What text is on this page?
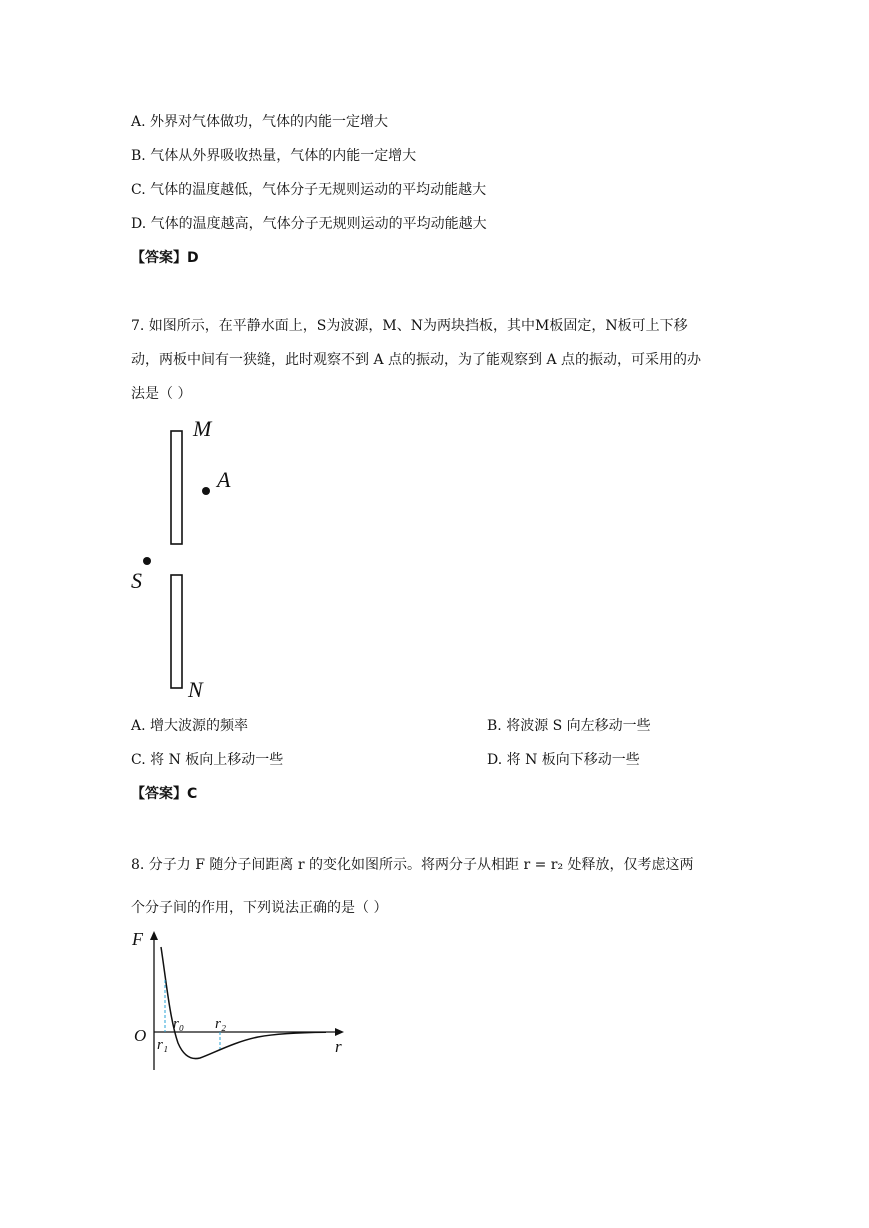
A. 外界对气体做功，气体的内能一定增大
B. 气体从外界吸收热量，气体的内能一定增大
C. 气体的温度越低，气体分子无规则运动的平均动能越大
D. 气体的温度越高，气体分子无规则运动的平均动能越大
【答案】D
7. 如图所示，在平静水面上，S为波源，M、N为两块挡板，其中M板固定，N板可上下移
动，两板中间有一狭缝，此时观察不到 A 点的振动，为了能观察到 A 点的振动，可采用的办
法是（ ）
M
A
S
N
A. 增大波源的频率	B. 将波源 S 向左移动一些
C. 将 N 板向上移动一些	D. 将 N 板向下移动一些
【答案】C
8. 分子力 F 随分子间距离 r 的变化如图所示。将两分子从相距 r = r₂ 处释放，仅考虑这两
个分子间的作用，下列说法正确的是（ ）
F
O
r₀
r₁
r₂
r
